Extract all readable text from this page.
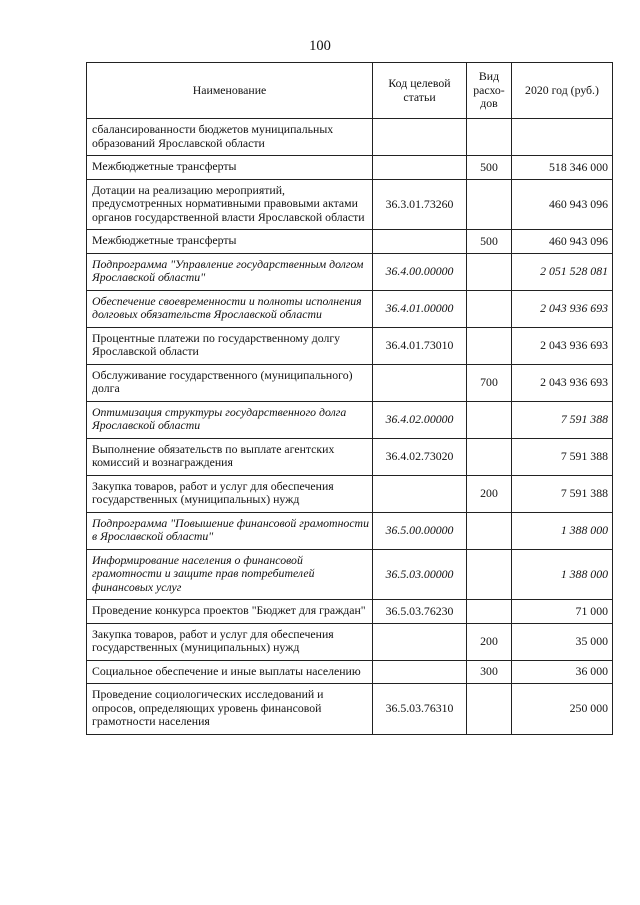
100
Наименование	Код целевой статьи	Вид расхо-дов	2020 год (руб.)
сбалансированности бюджетов муниципальных образований Ярославской области			
Межбюджетные трансферты		500	518 346 000
Дотации на реализацию мероприятий, предусмотренных нормативными правовыми актами органов государственной власти Ярославской области	36.3.01.73260		460 943 096
Межбюджетные трансферты		500	460 943 096
Подпрограмма "Управление государственным долгом Ярославской области"	36.4.00.00000		2 051 528 081
Обеспечение своевременности и полноты исполнения долговых обязательств Ярославской области	36.4.01.00000		2 043 936 693
Процентные платежи по государственному долгу Ярославской области	36.4.01.73010		2 043 936 693
Обслуживание государственного (муниципального) долга		700	2 043 936 693
Оптимизация структуры государственного долга Ярославской области	36.4.02.00000		7 591 388
Выполнение обязательств по выплате агентских комиссий и вознаграждения	36.4.02.73020		7 591 388
Закупка товаров, работ и услуг для обеспечения государственных (муниципальных) нужд		200	7 591 388
Подпрограмма "Повышение финансовой грамотности в Ярославской области"	36.5.00.00000		1 388 000
Информирование населения о финансовой грамотности и защите прав потребителей финансовых услуг	36.5.03.00000		1 388 000
Проведение конкурса проектов "Бюджет для граждан"	36.5.03.76230		71 000
Закупка товаров, работ и услуг для обеспечения государственных (муниципальных) нужд		200	35 000
Социальное обеспечение и иные выплаты населению		300	36 000
Проведение социологических исследований и опросов, определяющих уровень финансовой грамотности населения	36.5.03.76310		250 000
